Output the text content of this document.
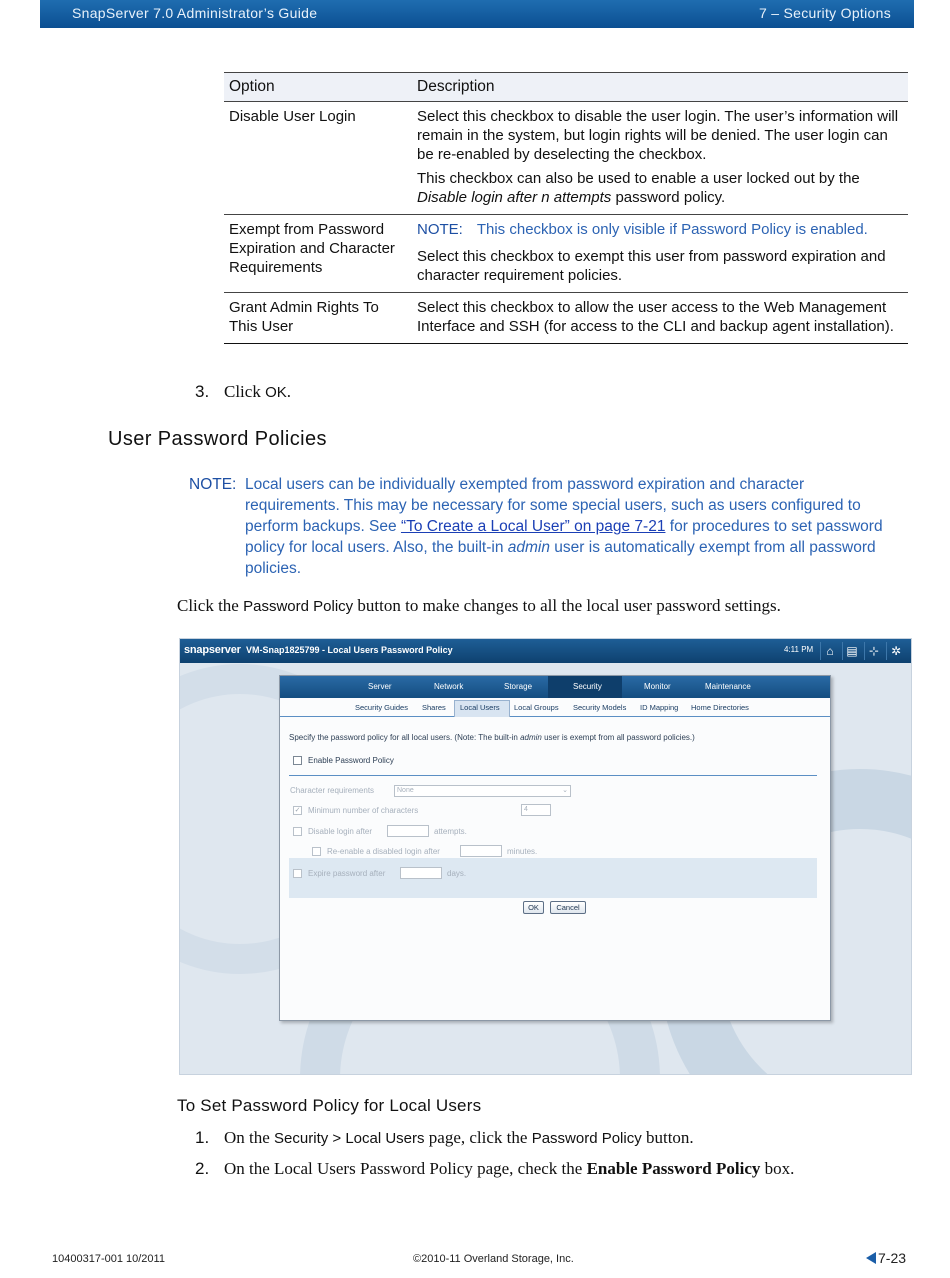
SnapServer 7.0 Administrator’s Guide	7 – Security Options
Option	Description
Disable User Login	Select this checkbox to disable the user login. The user’s information will remain in the system, but login rights will be denied. The user login can be re-enabled by deselecting the checkbox.

This checkbox can also be used to enable a user locked out by the Disable login after n attempts password policy.

Exempt from Password Expiration and Character Requirements	NOTE: This checkbox is only visible if Password Policy is enabled.

Select this checkbox to exempt this user from password expiration and character requirement policies.

Grant Admin Rights To This User	Select this checkbox to allow the user access to the Web Management Interface and SSH (for access to the CLI and backup agent installation).

3. Click OK.
User Password Policies
NOTE: Local users can be individually exempted from password expiration and character requirements. This may be necessary for some special users, such as users configured to perform backups. See “To Create a Local User” on page 7-21 for procedures to set password policy for local users. Also, the built-in admin user is automatically exempt from all password policies.
Click the Password Policy button to make changes to all the local user password settings.
snapserver VM-Snap1825799 - Local Users Password Policy	4:11 PM	⌂	▤ ⊹ ✲
Server	Network	Storage	Security	Monitor	Maintenance
Security Guides Shares Local Users Local Groups Security Models ID Mapping Home Directories
Specify the password policy for all local users. (Note: The built-in admin user is exempt from all password policies.)
Enable Password Policy
Character requirements	None	⌄
✓ Minimum number of characters	4
Disable login after	attempts.
Re-enable a disabled login after	minutes.
Expire password after	days.
OK	Cancel
To Set Password Policy for Local Users
1. On the Security > Local Users page, click the Password Policy button.
2. On the Local Users Password Policy page, check the Enable Password Policy box.
10400317-001 10/2011	©2010-11 Overland Storage, Inc.	7-23
